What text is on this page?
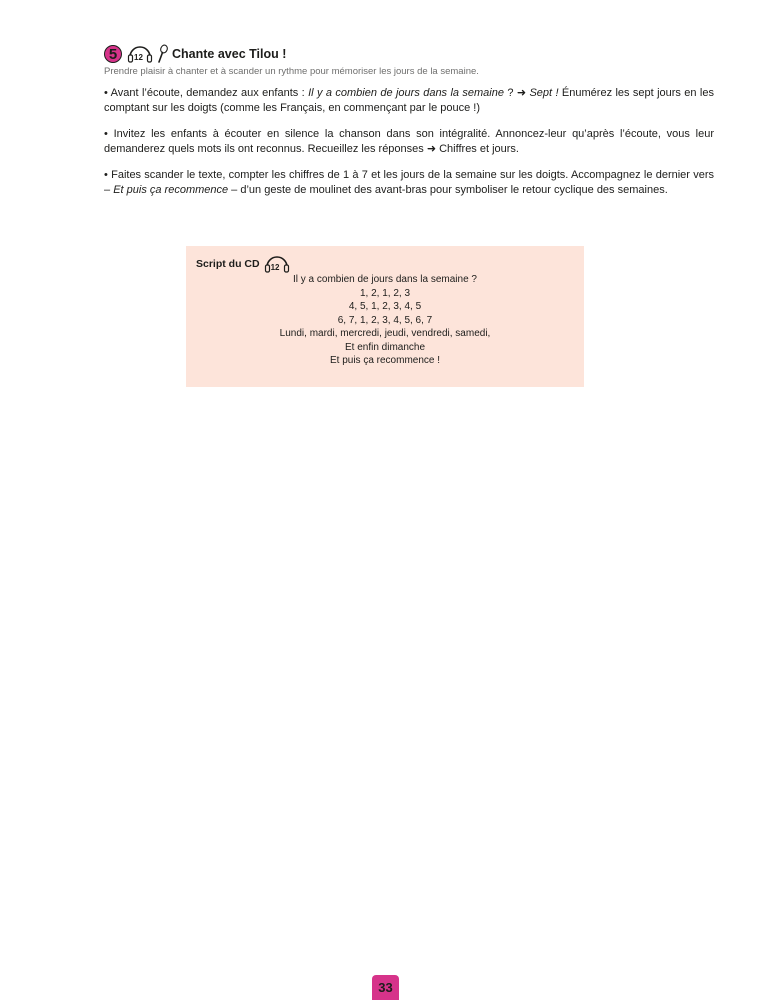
5	12 Chante avec Tilou !
Prendre plaisir à chanter et à scander un rythme pour mémoriser les jours de la semaine.

• Avant l’écoute, demandez aux enfants : Il y a combien de jours dans la semaine ? ➜ Sept ! Énumérez les sept jours en les comptant sur les doigts (comme les Français, en commençant par le pouce !)

• Invitez les enfants à écouter en silence la chanson dans son intégralité. Annoncez-leur qu’après l’écoute, vous leur demanderez quels mots ils ont reconnus. Recueillez les réponses ➜ Chiffres et jours.

• Faites scander le texte, compter les chiffres de 1 à 7 et les jours de la semaine sur les doigts. Accompagnez le dernier vers – Et puis ça recommence – d’un geste de moulinet des avant-bras pour symboliser le retour cyclique des semaines.

Script du CD 12
Il y a combien de jours dans la semaine ?
1, 2, 1, 2, 3
4, 5, 1, 2, 3, 4, 5
6, 7, 1, 2, 3, 4, 5, 6, 7
Lundi, mardi, mercredi, jeudi, vendredi, samedi,
Et enfin dimanche
Et puis ça recommence !
33
